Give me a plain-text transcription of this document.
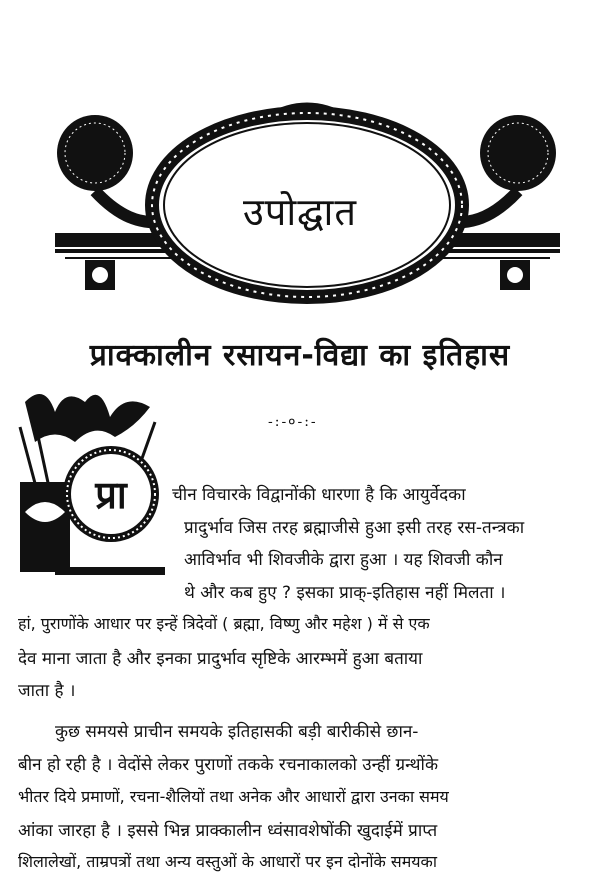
उपोद्घात
प्राक्कालीन रसायन-विद्या का इतिहास
-:-०-:-
प्रा	चीन विचारके विद्वानोंकी धारणा है कि आयुर्वेदका
प्रादुर्भाव जिस तरह ब्रह्माजीसे हुआ इसी तरह रस-तन्त्रका
आविर्भाव भी शिवजीके द्वारा हुआ । यह शिवजी कौन
थे और कब हुए ? इसका प्राक्-इतिहास नहीं मिलता ।
हां, पुराणोंके आधार पर इन्हें त्रिदेवों ( ब्रह्मा, विष्णु और महेश ) में से एक
देव माना जाता है और इनका प्रादुर्भाव सृष्टिके आरम्भमें हुआ बताया
जाता है ।
कुछ समयसे प्राचीन समयके इतिहासकी बड़ी बारीकीसे छान-
बीन हो रही है । वेदोंसे लेकर पुराणों तकके रचनाकालको उन्हीं ग्रन्थोंके
भीतर दिये प्रमाणों, रचना-शैलियों तथा अनेक और आधारों द्वारा उनका समय
आंका जारहा है । इससे भिन्न प्राक्कालीन ध्वंसावशेषोंकी खुदाईमें प्राप्त
शिलालेखों, ताम्रपत्रों तथा अन्य वस्तुओं के आधारों पर इन दोनोंके समयका
